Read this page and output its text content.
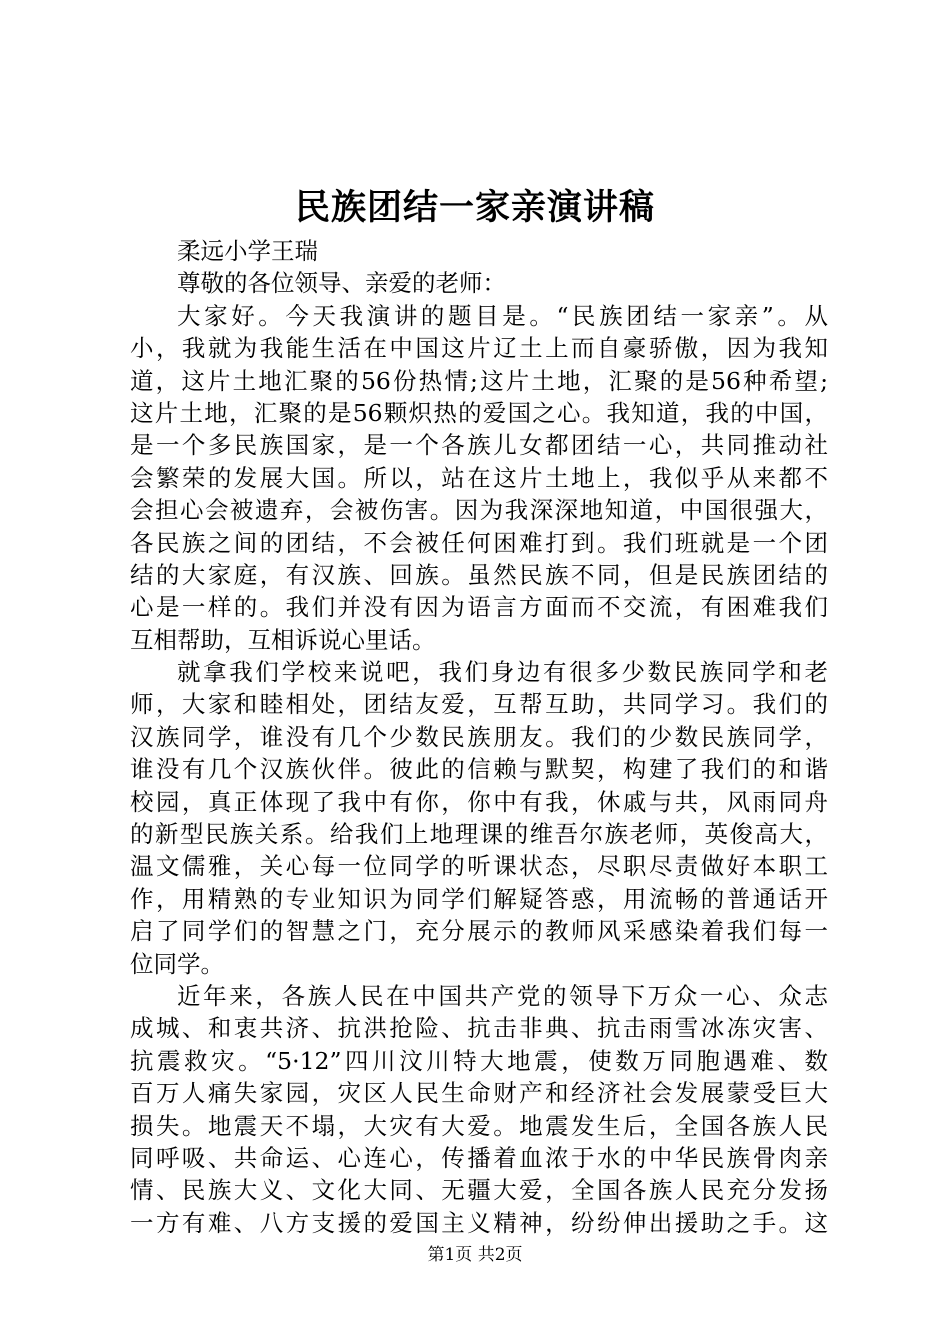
民族团结一家亲演讲稿
柔远小学王瑞
尊敬的各位领导、亲爱的老师：
大家好。今天我演讲的题目是。“民族团结一家亲”。从
小，我就为我能生活在中国这片辽土上而自豪骄傲，因为我知
道，这片土地汇聚的56份热情;这片土地，汇聚的是56种希望;
这片土地，汇聚的是56颗炽热的爱国之心。我知道，我的中国，
是一个多民族国家，是一个各族儿女都团结一心，共同推动社
会繁荣的发展大国。所以，站在这片土地上，我似乎从来都不
会担心会被遗弃，会被伤害。因为我深深地知道，中国很强大，
各民族之间的团结，不会被任何困难打到。我们班就是一个团
结的大家庭，有汉族、回族。虽然民族不同，但是民族团结的
心是一样的。我们并没有因为语言方面而不交流，有困难我们
互相帮助，互相诉说心里话。
就拿我们学校来说吧，我们身边有很多少数民族同学和老
师，大家和睦相处，团结友爱，互帮互助，共同学习。我们的
汉族同学，谁没有几个少数民族朋友。我们的少数民族同学，
谁没有几个汉族伙伴。彼此的信赖与默契，构建了我们的和谐
校园，真正体现了我中有你，你中有我，休戚与共，风雨同舟
的新型民族关系。给我们上地理课的维吾尔族老师，英俊高大，
温文儒雅，关心每一位同学的听课状态，尽职尽责做好本职工
作，用精熟的专业知识为同学们解疑答惑，用流畅的普通话开
启了同学们的智慧之门，充分展示的教师风采感染着我们每一
位同学。
近年来，各族人民在中国共产党的领导下万众一心、众志
成城、和衷共济、抗洪抢险、抗击非典、抗击雨雪冰冻灾害、
抗震救灾。“5·12”四川汶川特大地震，使数万同胞遇难、数
百万人痛失家园，灾区人民生命财产和经济社会发展蒙受巨大
损失。地震天不塌，大灾有大爱。地震发生后，全国各族人民
同呼吸、共命运、心连心，传播着血浓于水的中华民族骨肉亲
情、民族大义、文化大同、无疆大爱，全国各族人民充分发扬
一方有难、八方支援的爱国主义精神，纷纷伸出援助之手。这
第1页 共2页
